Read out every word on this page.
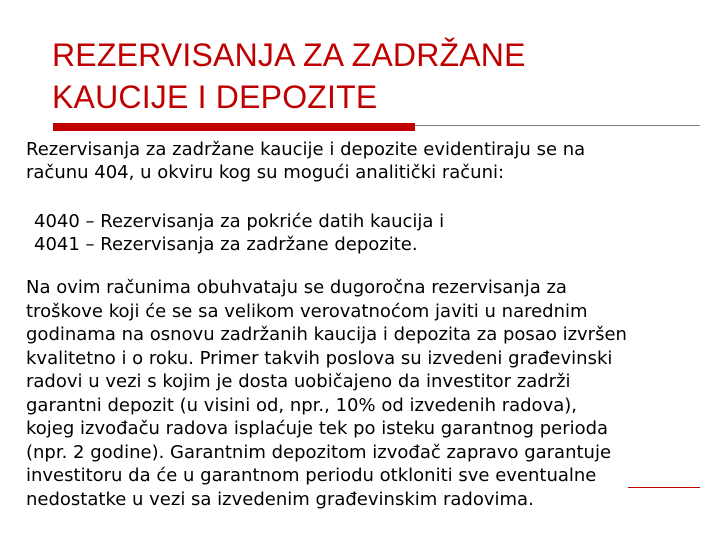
REZERVISANJA ZA ZADRŽANE
KAUCIJE I DEPOZITE

Rezervisanja za zadržane kaucije i depozite evidentiraju se na
računu 404, u okviru kog su mogući analitički računi:

4040 – Rezervisanja za pokriće datih kaucija i
4041 – Rezervisanja za zadržane depozite.

Na ovim računima obuhvataju se dugoročna rezervisanja za
troškove koji će se sa velikom verovatnoćom javiti u narednim
godinama na osnovu zadržanih kaucija i depozita za posao izvršen
kvalitetno i o roku. Primer takvih poslova su izvedeni građevinski
radovi u vezi s kojim je dosta uobičajeno da investitor zadrži
garantni depozit (u visini od, npr., 10% od izvedenih radova),
kojeg izvođaču radova isplaćuje tek po isteku garantnog perioda
(npr. 2 godine). Garantnim depozitom izvođač zapravo garantuje
investitoru da će u garantnom periodu otkloniti sve eventualne
nedostatke u vezi sa izvedenim građevinskim radovima.
